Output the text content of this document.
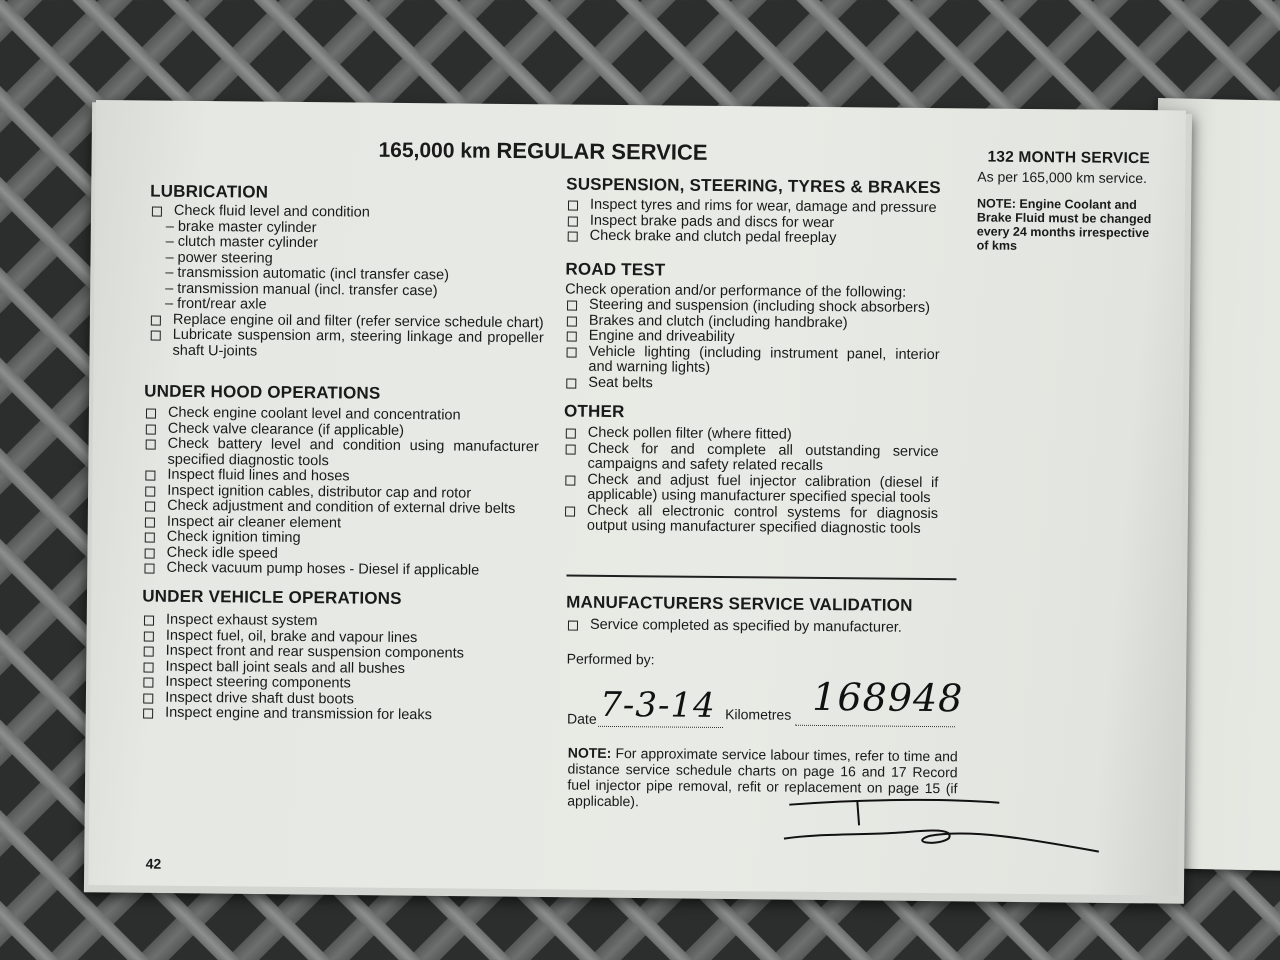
165,000 km REGULAR SERVICE
LUBRICATION
Check fluid level and condition
– brake master cylinder
– clutch master cylinder
– power steering
– transmission automatic (incl transfer case)
– transmission manual (incl. transfer case)
– front/rear axle
Replace engine oil and filter (refer service schedule chart)
Lubricate suspension arm, steering linkage and propeller shaft U-joints
UNDER HOOD OPERATIONS
Check engine coolant level and concentration
Check valve clearance (if applicable)
Check battery level and condition using manufacturer specified diagnostic tools
Inspect fluid lines and hoses
Inspect ignition cables, distributor cap and rotor
Check adjustment and condition of external drive belts
Inspect air cleaner element
Check ignition timing
Check idle speed
Check vacuum pump hoses - Diesel if applicable
UNDER VEHICLE OPERATIONS
Inspect exhaust system
Inspect fuel, oil, brake and vapour lines
Inspect front and rear suspension components
Inspect ball joint seals and all bushes
Inspect steering components
Inspect drive shaft dust boots
Inspect engine and transmission for leaks
SUSPENSION, STEERING, TYRES & BRAKES
Inspect tyres and rims for wear, damage and pressure
Inspect brake pads and discs for wear
Check brake and clutch pedal freeplay
ROAD TEST
Check operation and/or performance of the following:
Steering and suspension (including shock absorbers)
Brakes and clutch (including handbrake)
Engine and driveability
Vehicle lighting (including instrument panel, interior and warning lights)
Seat belts
OTHER
Check pollen filter (where fitted)
Check for and complete all outstanding service campaigns and safety related recalls
Check and adjust fuel injector calibration (diesel if applicable) using manufacturer specified special tools
Check all electronic control systems for diagnosis output using manufacturer specified diagnostic tools
MANUFACTURERS SERVICE VALIDATION
Service completed as specified by manufacturer.
Performed by:
Date	Kilometres
7-3-14	168948
NOTE: For approximate service labour times, refer to time and distance service schedule charts on page 16 and 17 Record fuel injector pipe removal, refit or replacement on page 15 (if applicable).
132 MONTH SERVICE
As per 165,000 km service.
NOTE: Engine Coolant and Brake Fluid must be changed every 24 months irrespective of kms
42
